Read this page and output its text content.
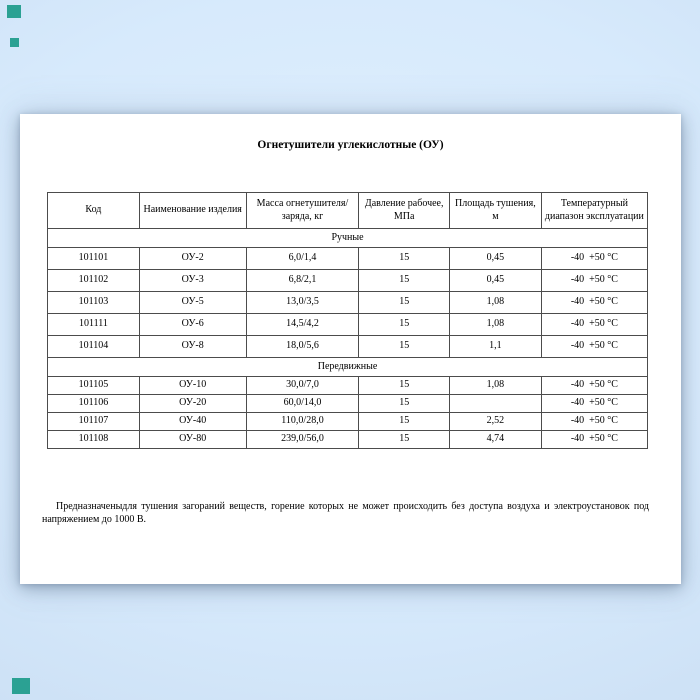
Огнетушители углекислотные (ОУ)
Код	Наименование изделия	Масса огнетушителя/ заряда, кг	Давление рабочее, МПа	Площадь тушения, м	Температурный диапазон эксплуатации
Ручные					
101101	ОУ-2	6,0/1,4	15	0,45	-40  +50 °C
101102	ОУ-3	6,8/2,1	15	0,45	-40  +50 °C
101103	ОУ-5	13,0/3,5	15	1,08	-40  +50 °C
101111	ОУ-6	14,5/4,2	15	1,08	-40  +50 °C
101104	ОУ-8	18,0/5,6	15	1,1	-40  +50 °C
Передвижные					
101105	ОУ-10	30,0/7,0	15	1,08	-40  +50 °C
101106	ОУ-20	60,0/14,0	15		-40  +50 °C
101107	ОУ-40	110,0/28,0	15	2,52	-40  +50 °C
101108	ОУ-80	239,0/56,0	15	4,74	-40  +50 °C

Предназначеныдля тушения загораний веществ, горение которых не может происходить без доступа воздуха и электроустановок под напряжением до 1000 В.
